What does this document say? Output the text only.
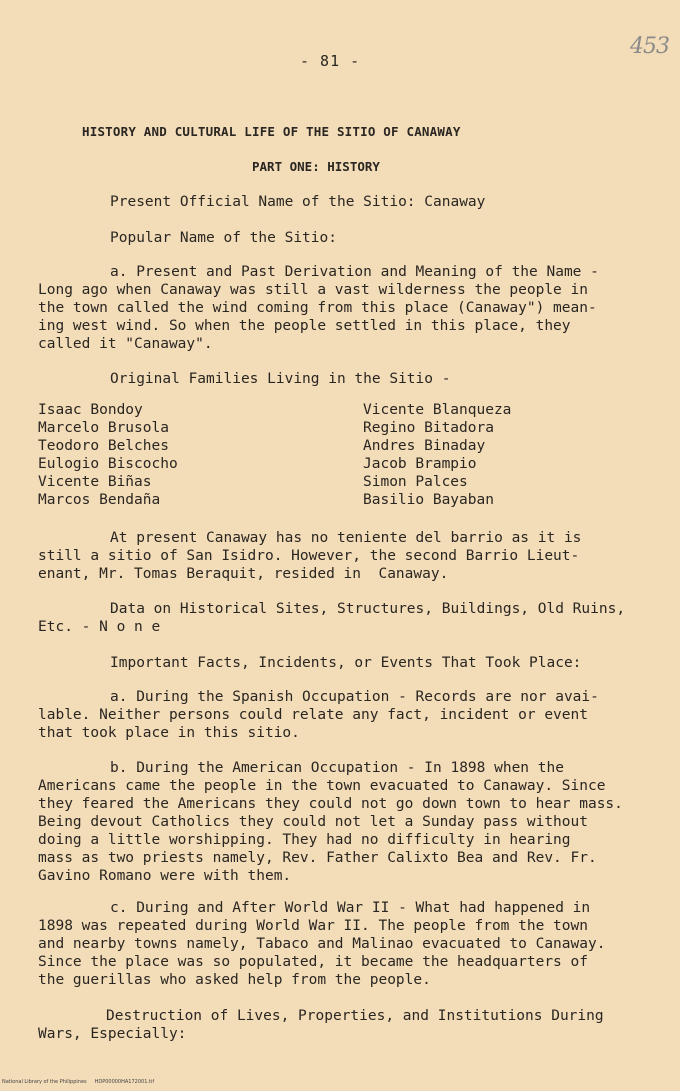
- 81 -
453
HISTORY AND CULTURAL LIFE OF THE SITIO OF CANAWAY
PART ONE: HISTORY
Present Official Name of the Sitio: Canaway
Popular Name of the Sitio:
a. Present and Past Derivation and Meaning of the Name -
Long ago when Canaway was still a vast wilderness the people in
the town called the wind coming from this place (Canaway") mean-
ing west wind. So when the people settled in this place, they
called it "Canaway".
Original Families Living in the Sitio -
Isaac Bondoy
Marcelo Brusola
Teodoro Belches
Eulogio Biscocho
Vicente Biñas
Marcos Bendaña
Vicente Blanqueza
Regino Bitadora
Andres Binaday
Jacob Brampio
Simon Palces
Basilio Bayaban
At present Canaway has no teniente del barrio as it is
still a sitio of San Isidro. However, the second Barrio Lieut-
enant, Mr. Tomas Beraquit, resided in  Canaway.
Data on Historical Sites, Structures, Buildings, Old Ruins,
Etc. - N o n e
Important Facts, Incidents, or Events That Took Place:
a. During the Spanish Occupation - Records are nor avai-
lable. Neither persons could relate any fact, incident or event
that took place in this sitio.
b. During the American Occupation - In 1898 when the
Americans came the people in the town evacuated to Canaway. Since
they feared the Americans they could not go down town to hear mass.
Being devout Catholics they could not let a Sunday pass without
doing a little worshipping. They had no difficulty in hearing
mass as two priests namely, Rev. Father Calixto Bea and Rev. Fr.
Gavino Romano were with them.
c. During and After World War II - What had happened in
1898 was repeated during World War II. The people from the town
and nearby towns namely, Tabaco and Malinao evacuated to Canaway.
Since the place was so populated, it became the headquarters of
the guerillas who asked help from the people.
Destruction of Lives, Properties, and Institutions During
Wars, Especially:
National Library of the Philippines     HDP00000HA172001.tif
